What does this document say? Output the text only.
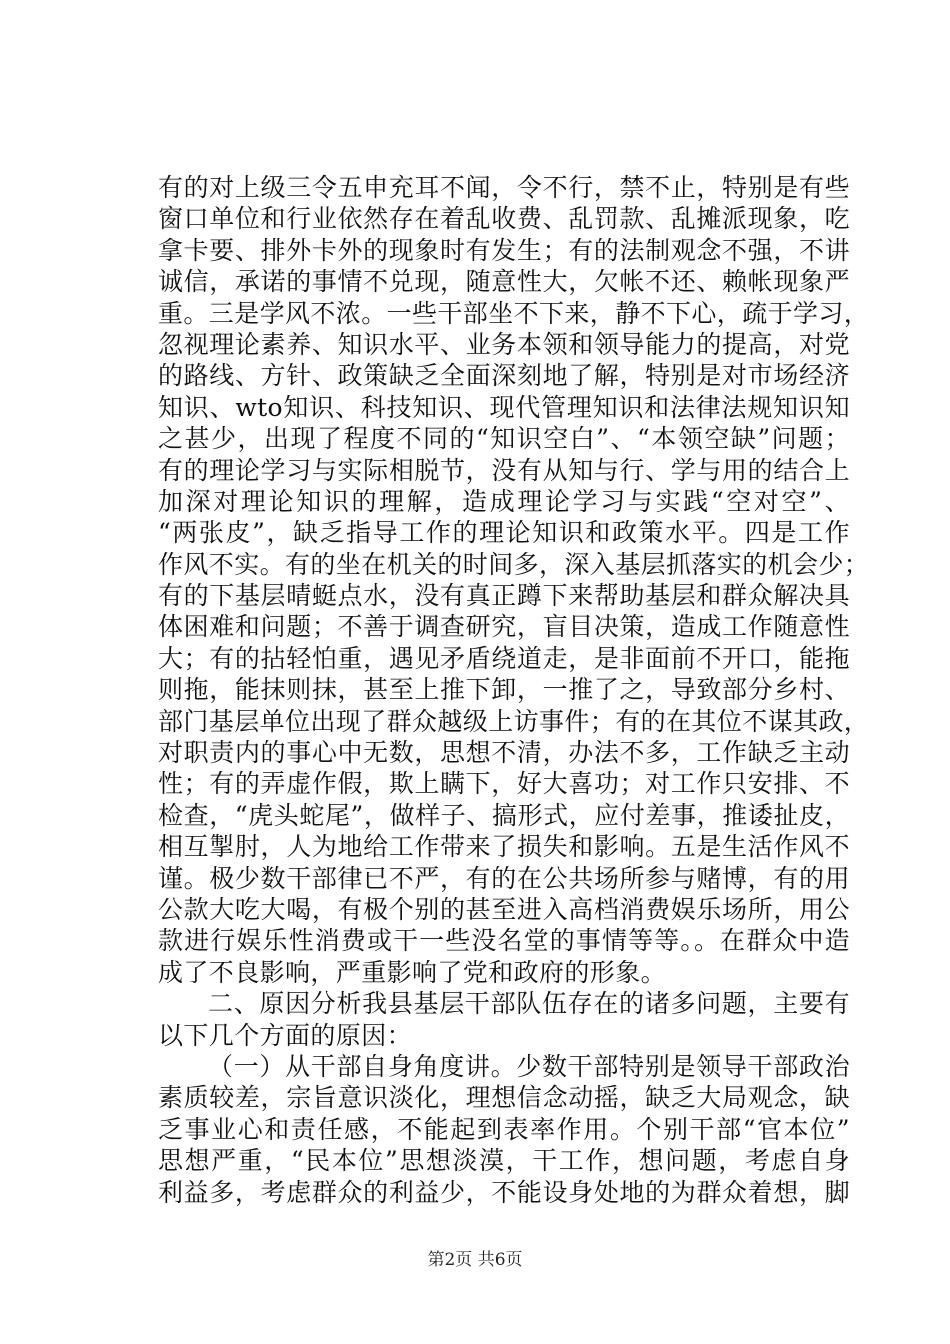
有的对上级三令五申充耳不闻，令不行，禁不止，特别是有些
窗口单位和行业依然存在着乱收费、乱罚款、乱摊派现象，吃
拿卡要、排外卡外的现象时有发生；有的法制观念不强，不讲
诚信，承诺的事情不兑现，随意性大，欠帐不还、赖帐现象严
重。三是学风不浓。一些干部坐不下来，静不下心，疏于学习，
忽视理论素养、知识水平、业务本领和领导能力的提高，对党
的路线、方针、政策缺乏全面深刻地了解，特别是对市场经济
知识、wto知识、科技知识、现代管理知识和法律法规知识知
之甚少，出现了程度不同的“知识空白”、“本领空缺”问题；
有的理论学习与实际相脱节，没有从知与行、学与用的结合上
加深对理论知识的理解，造成理论学习与实践“空对空”、
“两张皮”，缺乏指导工作的理论知识和政策水平。四是工作
作风不实。有的坐在机关的时间多，深入基层抓落实的机会少；
有的下基层晴蜓点水，没有真正蹲下来帮助基层和群众解决具
体困难和问题；不善于调查研究，盲目决策，造成工作随意性
大；有的拈轻怕重，遇见矛盾绕道走，是非面前不开口，能拖
则拖，能抹则抹，甚至上推下卸，一推了之，导致部分乡村、
部门基层单位出现了群众越级上访事件；有的在其位不谋其政，
对职责内的事心中无数，思想不清，办法不多，工作缺乏主动
性；有的弄虚作假，欺上瞒下，好大喜功；对工作只安排、不
检查，“虎头蛇尾”，做样子、搞形式，应付差事，推诿扯皮，
相互掣肘，人为地给工作带来了损失和影响。五是生活作风不
谨。极少数干部律已不严，有的在公共场所参与赌博，有的用
公款大吃大喝，有极个别的甚至进入高档消费娱乐场所，用公
款进行娱乐性消费或干一些没名堂的事情等等。。在群众中造
成了不良影响，严重影响了党和政府的形象。
二、原因分析我县基层干部队伍存在的诸多问题，主要有
以下几个方面的原因：
（一）从干部自身角度讲。少数干部特别是领导干部政治
素质较差，宗旨意识淡化，理想信念动摇，缺乏大局观念，缺
乏事业心和责任感，不能起到表率作用。个别干部“官本位”
思想严重，“民本位”思想淡漠，干工作，想问题，考虑自身
利益多，考虑群众的利益少，不能设身处地的为群众着想，脚
第2页 共6页
